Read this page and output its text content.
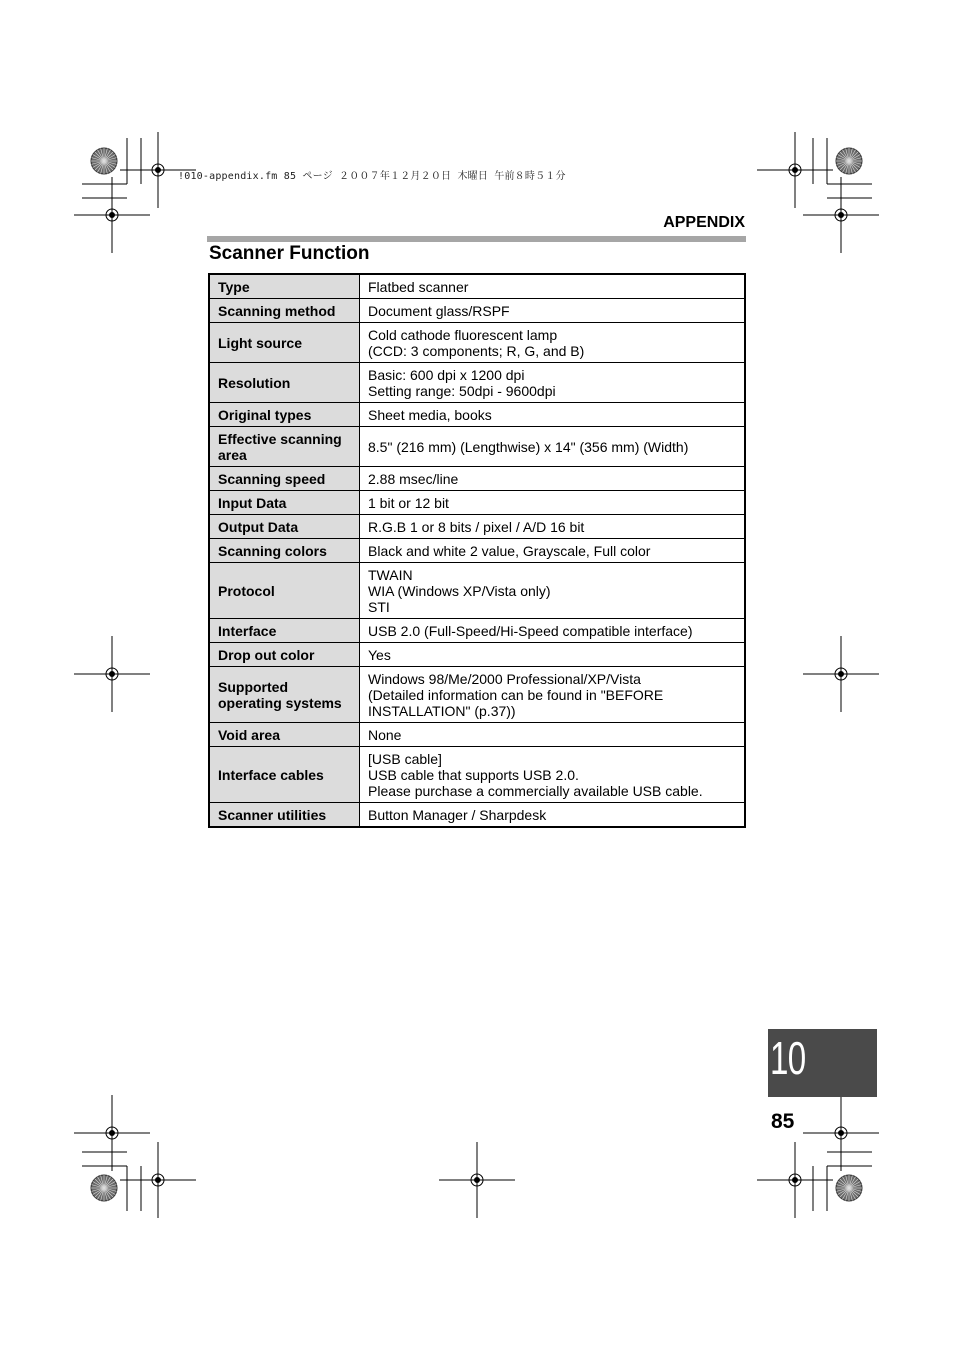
!010-appendix.fm 85 ページ ２００７年１２月２０日 木曜日 午前８時５１分
APPENDIX
Scanner Function
Type	Flatbed scanner

Scanning method	Document glass/RSPF

Light source	Cold cathode fluorescent lamp
(CCD: 3 components; R, G, and B)

Resolution	Basic: 600 dpi x 1200 dpi
Setting range: 50dpi - 9600dpi

Original types	Sheet media, books

Effective scanning area	8.5" (216 mm) (Lengthwise) x 14" (356 mm) (Width)

Scanning speed	2.88 msec/line

Input Data	1 bit or 12 bit

Output Data	R.G.B 1 or 8 bits / pixel / A/D 16 bit

Scanning colors	Black and white 2 value, Grayscale, Full color

Protocol	TWAIN
WIA (Windows XP/Vista only)
STI

Interface	USB 2.0 (Full-Speed/Hi-Speed compatible interface)

Drop out color	Yes

Supported operating systems	Windows 98/Me/2000 Professional/XP/Vista
(Detailed information can be found in "BEFORE
INSTALLATION" (p.37))

Void area	None

Interface cables	[USB cable]
USB cable that supports USB 2.0.
Please purchase a commercially available USB cable.

Scanner utilities	Button Manager / Sharpdesk
10
85
